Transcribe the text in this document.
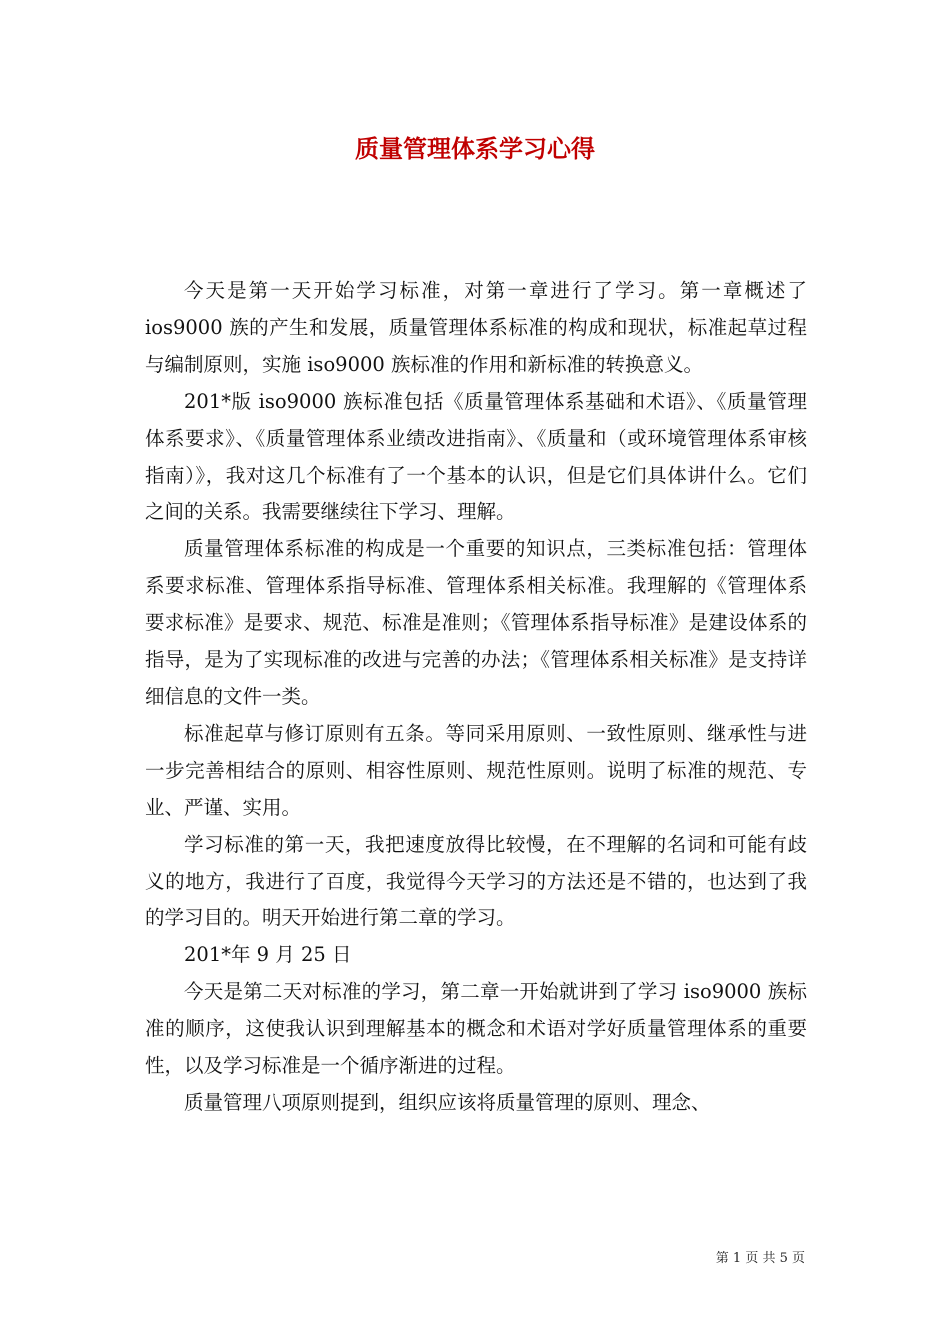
质量管理体系学习心得

今天是第一天开始学习标准，对第一章进行了学习。第一章概述了 ios9000 族的产生和发展，质量管理体系标准的构成和现状，标准起草过程与编制原则，实施 iso9000 族标准的作用和新标准的转换意义。

201*版 iso9000 族标准包括《质量管理体系基础和术语》、《质量管理体系要求》、《质量管理体系业绩改进指南》、《质量和（或环境管理体系审核指南）》，我对这几个标准有了一个基本的认识，但是它们具体讲什么。它们之间的关系。我需要继续往下学习、理解。

质量管理体系标准的构成是一个重要的知识点，三类标准包括：管理体系要求标准、管理体系指导标准、管理体系相关标准。我理解的《管理体系要求标准》是要求、规范、标准是准则；《管理体系指导标准》是建设体系的指导，是为了实现标准的改进与完善的办法；《管理体系相关标准》是支持详细信息的文件一类。

标准起草与修订原则有五条。等同采用原则、一致性原则、继承性与进一步完善相结合的原则、相容性原则、规范性原则。说明了标准的规范、专业、严谨、实用。

学习标准的第一天，我把速度放得比较慢，在不理解的名词和可能有歧义的地方，我进行了百度，我觉得今天学习的方法还是不错的，也达到了我的学习目的。明天开始进行第二章的学习。

201*年 9 月 25 日

今天是第二天对标准的学习，第二章一开始就讲到了学习 iso9000 族标准的顺序，这使我认识到理解基本的概念和术语对学好质量管理体系的重要性，以及学习标准是一个循序渐进的过程。

质量管理八项原则提到，组织应该将质量管理的原则、理念、

第 1 页 共 5 页
